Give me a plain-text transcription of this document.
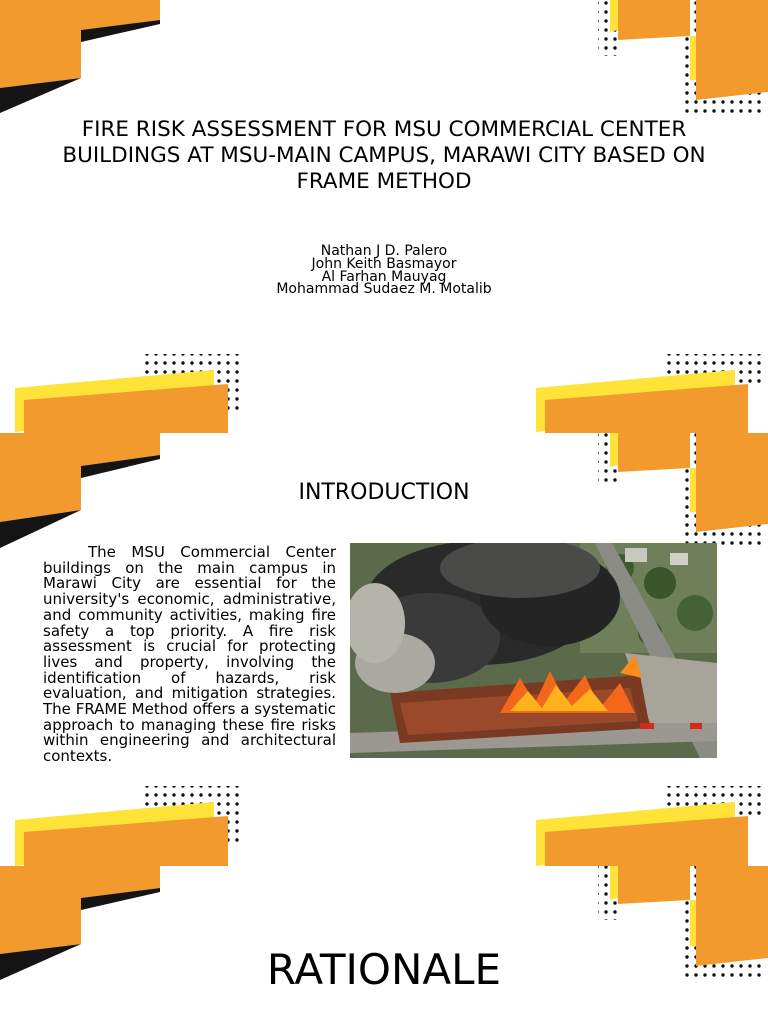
FIRE RISK ASSESSMENT FOR MSU COMMERCIAL CENTER BUILDINGS AT MSU-MAIN CAMPUS, MARAWI CITY BASED ON FRAME METHOD
Nathan J D. Palero
John Keith Basmayor
Al Farhan Mauyag
Mohammad Sudaez M. Motalib
INTRODUCTION

The MSU Commercial Center buildings on the main campus in Marawi City are essential for the university's economic, administrative, and community activities, making fire safety a top priority. A fire risk assessment is crucial for protecting lives and property, involving the identification of hazards, risk evaluation, and mitigation strategies. The FRAME Method offers a systematic approach to managing these fire risks within engineering and architectural contexts.

RATIONALE
